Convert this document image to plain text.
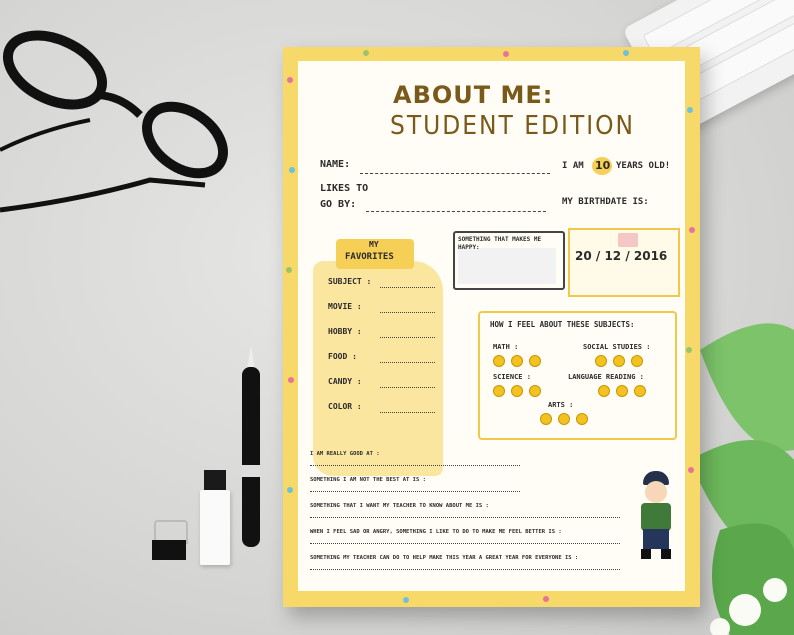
ABOUT ME:
STUDENT EDITION
NAME:	I AM 10 YEARS OLD!
LIKES TO
GO BY:	MY BIRTHDATE IS:
MY
FAVORITES
SOMETHING THAT MAKES ME HAPPY:
20 / 12 / 2016
HOW I FEEL ABOUT THESE SUBJECTS:
SUBJECT :
MOVIE :
HOBBY :
FOOD :
CANDY :
COLOR :
MATH :	SOCIAL STUDIES :
SCIENCE :	LANGUAGE READING :
ARTS :
I AM REALLY GOOD AT :
SOMETHING I AM NOT THE BEST AT IS :
SOMETHING THAT I WANT MY TEACHER TO KNOW ABOUT ME IS :
WHEN I FEEL SAD OR ANGRY, SOMETHING I LIKE TO DO TO MAKE ME FEEL BETTER IS :
SOMETHING MY TEACHER CAN DO TO HELP MAKE THIS YEAR A GREAT YEAR FOR EVERYONE IS :
